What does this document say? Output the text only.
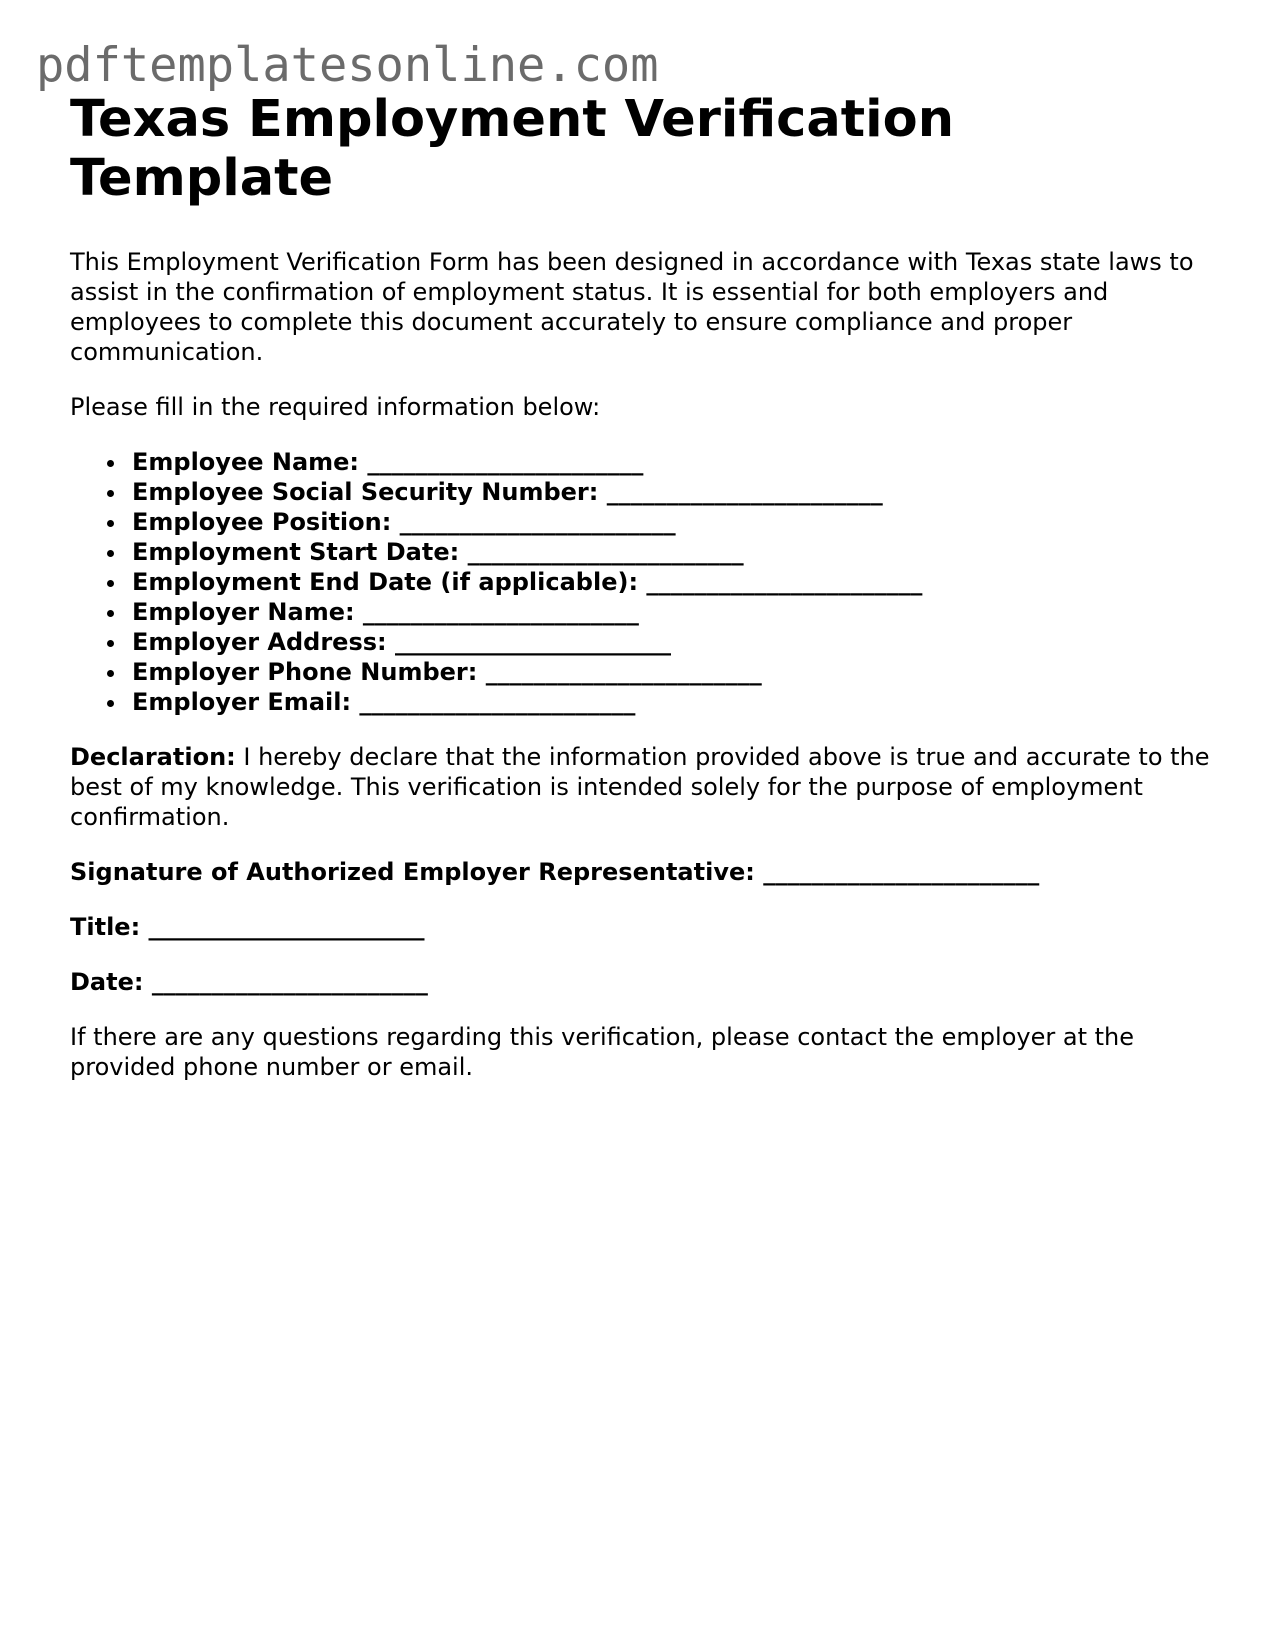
pdftemplatesonline.com
Texas Employment Verification Template

This Employment Verification Form has been designed in accordance with Texas state laws to assist in the confirmation of employment status. It is essential for both employers and employees to complete this document accurately to ensure compliance and proper communication.

Please fill in the required information below:

Employee Name: _______________________
Employee Social Security Number: _______________________
Employee Position: _______________________
Employment Start Date: _______________________
Employment End Date (if applicable): _______________________
Employer Name: _______________________
Employer Address: _______________________
Employer Phone Number: _______________________
Employer Email: _______________________

Declaration: I hereby declare that the information provided above is true and accurate to the best of my knowledge. This verification is intended solely for the purpose of employment confirmation.

Signature of Authorized Employer Representative: _______________________

Title: _______________________

Date: _______________________

If there are any questions regarding this verification, please contact the employer at the provided phone number or email.
